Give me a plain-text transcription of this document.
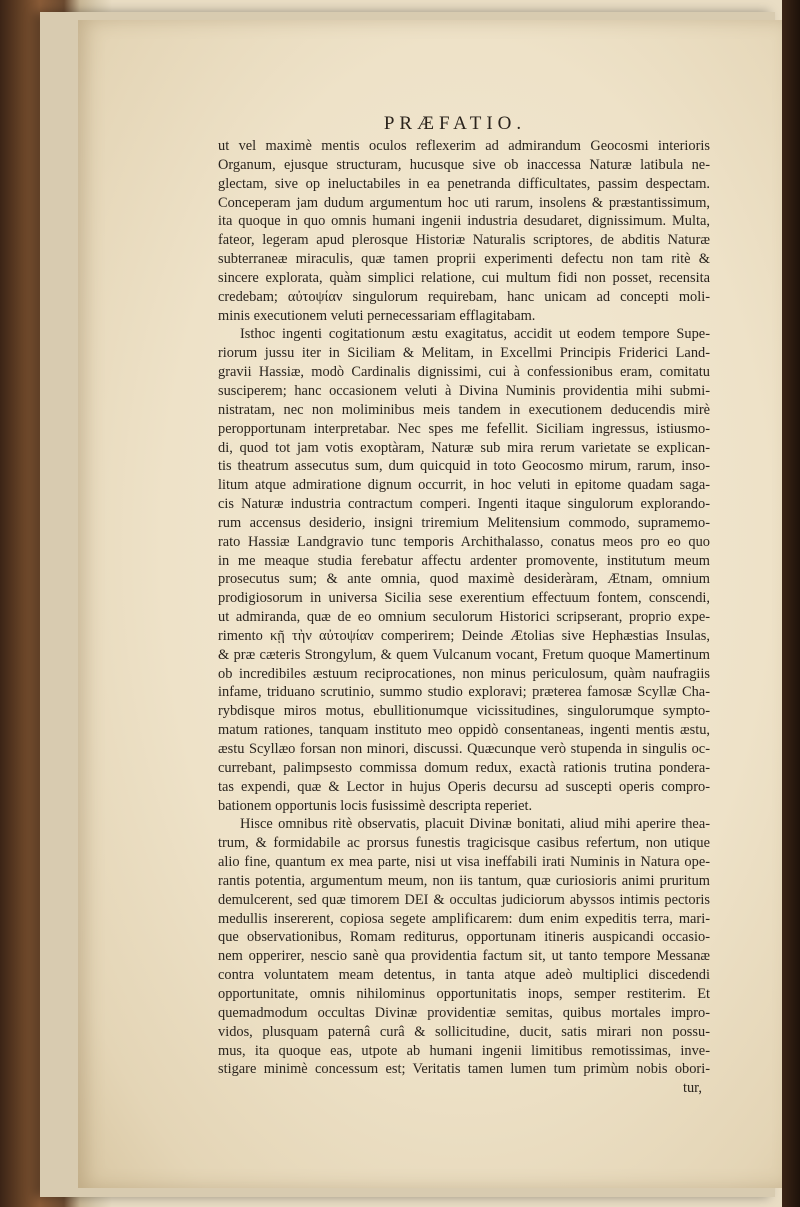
PRÆFATIO.
ut vel maximè mentis oculos reflexerim ad admirandum Geocosmi interioris
Organum, ejusque structuram, hucusque sive ob inaccessa Naturæ latibula ne-
glectam, sive op ineluctabiles in ea penetranda difficultates, passim despectam.
Conceperam jam dudum argumentum hoc uti rarum, insolens & præstantissimum,
ita quoque in quo omnis humani ingenii industria desudaret, dignissimum. Multa,
fateor, legeram apud plerosque Historiæ Naturalis scriptores, de abditis Naturæ
subterraneæ miraculis, quæ tamen proprii experimenti defectu non tam ritè &
sincere explorata, quàm simplici relatione, cui multum fidi non posset, recensita
credebam; αὐτοψίαν singulorum requirebam, hanc unicam ad concepti moli-
minis executionem veluti pernecessariam efflagitabam.
Isthoc ingenti cogitationum æstu exagitatus, accidit ut eodem tempore Supe-
riorum jussu iter in Siciliam & Melitam, in Excellmi Principis Friderici Land-
gravii Hassiæ, modò Cardinalis dignissimi, cui à confessionibus eram, comitatu
susciperem; hanc occasionem veluti à Divina Numinis providentia mihi submi-
nistratam, nec non moliminibus meis tandem in executionem deducendis mirè
peropportunam interpretabar. Nec spes me fefellit. Siciliam ingressus, istiusmo-
di, quod tot jam votis exoptàram, Naturæ sub mira rerum varietate se explican-
tis theatrum assecutus sum, dum quicquid in toto Geocosmo mirum, rarum, inso-
litum atque admiratione dignum occurrit, in hoc veluti in epitome quadam saga-
cis Naturæ industria contractum comperi. Ingenti itaque singulorum explorando-
rum accensus desiderio, insigni triremium Melitensium commodo, supramemo-
rato Hassiæ Landgravio tunc temporis Archithalasso, conatus meos pro eo quo
in me meaque studia ferebatur affectu ardenter promovente, institutum meum
prosecutus sum; & ante omnia, quod maximè desideràram, Ætnam, omnium
prodigiosorum in universa Sicilia sese exerentium effectuum fontem, conscendi,
ut admiranda, quæ de eo omnium seculorum Historici scripserant, proprio expe-
rimento κῇ τὴν αὐτοψίαν comperirem; Deinde Ætolias sive Hephæstias Insulas,
& præ cæteris Strongylum, & quem Vulcanum vocant, Fretum quoque Mamertinum
ob incredibiles æstuum reciprocationes, non minus periculosum, quàm naufragiis
infame, triduano scrutinio, summo studio exploravi; præterea famosæ Scyllæ Cha-
rybdisque miros motus, ebullitionumque vicissitudines, singulorumque sympto-
matum rationes, tanquam instituto meo oppidò consentaneas, ingenti mentis æstu,
æstu Scyllæo forsan non minori, discussi. Quæcunque verò stupenda in singulis oc-
currebant, palimpsesto commissa domum redux, exactà rationis trutina pondera-
tas expendi, quæ & Lector in hujus Operis decursu ad suscepti operis compro-
bationem opportunis locis fusissimè descripta reperiet.
Hisce omnibus ritè observatis, placuit Divinæ bonitati, aliud mihi aperire thea-
trum, & formidabile ac prorsus funestis tragicisque casibus refertum, non utique
alio fine, quantum ex mea parte, nisi ut visa ineffabili irati Numinis in Natura ope-
rantis potentia, argumentum meum, non iis tantum, quæ curiosioris animi pruritum
demulcerent, sed quæ timorem DEI & occultas judiciorum abyssos intimis pectoris
medullis insererent, copiosa segete amplificarem: dum enim expeditis terra, mari-
que observationibus, Romam rediturus, opportunam itineris auspicandi occasio-
nem opperirer, nescio sanè qua providentia factum sit, ut tanto tempore Messanæ
contra voluntatem meam detentus, in tanta atque adeò multiplici discedendi
opportunitate, omnis nihilominus opportunitatis inops, semper restiterim. Et
quemadmodum occultas Divinæ providentiæ semitas, quibus mortales impro-
vidos, plusquam paternâ curâ & sollicitudine, ducit, satis mirari non possu-
mus, ita quoque eas, utpote ab humani ingenii limitibus remotissimas, inve-
stigare minimè concessum est; Veritatis tamen lumen tum primùm nobis obori-
tur,
